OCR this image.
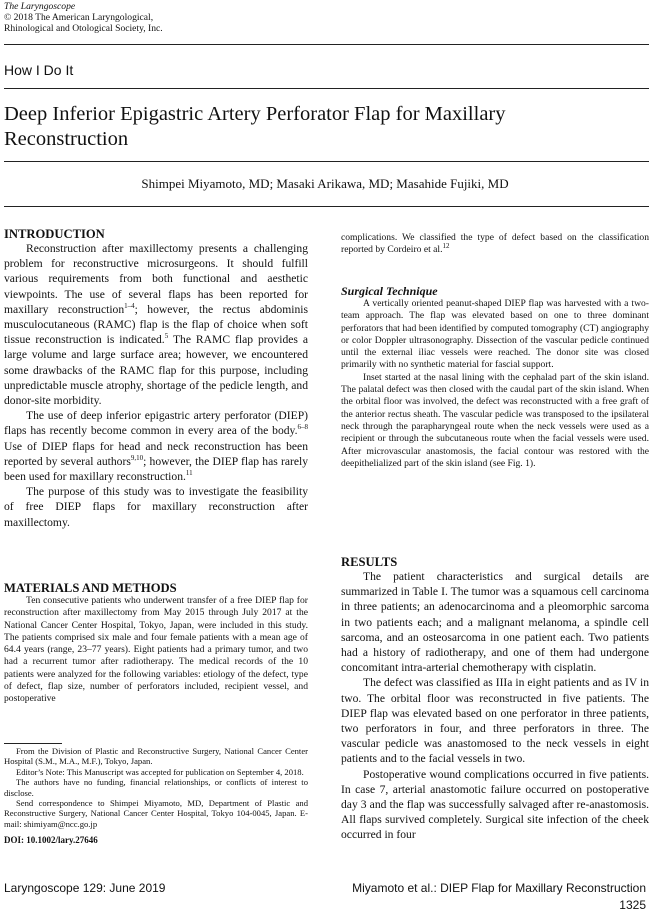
The Laryngoscope
© 2018 The American Laryngological,
Rhinological and Otological Society, Inc.
How I Do It
Deep Inferior Epigastric Artery Perforator Flap for Maxillary Reconstruction
Shimpei Miyamoto, MD; Masaki Arikawa, MD; Masahide Fujiki, MD
INTRODUCTION

Reconstruction after maxillectomy presents a challenging problem for reconstructive microsurgeons. It should fulfill various requirements from both functional and aesthetic viewpoints. The use of several flaps has been reported for maxillary reconstruction$^{1-4}$; however, the rectus abdominis musculocutaneous (RAMC) flap is the flap of choice when soft tissue reconstruction is indicated.$^5$ The RAMC flap provides a large volume and large surface area; however, we encountered some drawbacks of the RAMC flap for this purpose, including unpredictable muscle atrophy, shortage of the pedicle length, and donor-site morbidity.

The use of deep inferior epigastric artery perforator (DIEP) flaps has recently become common in every area of the body.$^{6-8}$ Use of DIEP flaps for head and neck reconstruction has been reported by several authors$^{9,10}$; however, the DIEP flap has rarely been used for maxillary reconstruction.$^{11}$

The purpose of this study was to investigate the feasibility of free DIEP flaps for maxillary reconstruction after maxillectomy.

MATERIALS AND METHODS

Ten consecutive patients who underwent transfer of a free DIEP flap for reconstruction after maxillectomy from May 2015 through July 2017 at the National Cancer Center Hospital, Tokyo, Japan, were included in this study. The patients comprised six male and four female patients with a mean age of 64.4 years (range, 23–77 years). Eight patients had a primary tumor, and two had a recurrent tumor after radiotherapy. The medical records of the 10 patients were analyzed for the following variables: etiology of the defect, type of defect, flap size, number of perforators included, recipient vessel, and postoperative

From the Division of Plastic and Reconstructive Surgery, National Cancer Center Hospital (S.M., M.A., M.F.), Tokyo, Japan.

Editor’s Note: This Manuscript was accepted for publication on September 4, 2018.

The authors have no funding, financial relationships, or conflicts of interest to disclose.

Send correspondence to Shimpei Miyamoto, MD, Department of Plastic and Reconstructive Surgery, National Cancer Center Hospital, Tokyo 104-0045, Japan. E-mail: shimiyam@ncc.go.jp

DOI: 10.1002/lary.27646

complications. We classified the type of defect based on the classification reported by Cordeiro et al.$^{12}$

Surgical Technique

A vertically oriented peanut-shaped DIEP flap was harvested with a two-team approach. The flap was elevated based on one to three dominant perforators that had been identified by computed tomography (CT) angiography or color Doppler ultrasonography. Dissection of the vascular pedicle continued until the external iliac vessels were reached. The donor site was closed primarily with no synthetic material for fascial support.

Inset started at the nasal lining with the cephalad part of the skin island. The palatal defect was then closed with the caudal part of the skin island. When the orbital floor was involved, the defect was reconstructed with a free graft of the anterior rectus sheath. The vascular pedicle was transposed to the ipsilateral neck through the parapharyngeal route when the neck vessels were used as a recipient or through the subcutaneous route when the facial vessels were used. After microvascular anastomosis, the facial contour was restored with the deepithelialized part of the skin island (see Fig. 1).

RESULTS

The patient characteristics and surgical details are summarized in Table I. The tumor was a squamous cell carcinoma in three patients; an adenocarcinoma and a pleomorphic sarcoma in two patients each; and a malignant melanoma, a spindle cell sarcoma, and an osteosarcoma in one patient each. Two patients had a history of radiotherapy, and one of them had undergone concomitant intra-arterial chemotherapy with cisplatin.

The defect was classified as IIIa in eight patients and as IV in two. The orbital floor was reconstructed in five patients. The DIEP flap was elevated based on one perforator in three patients, two perforators in four, and three perforators in three. The vascular pedicle was anastomosed to the neck vessels in eight patients and to the facial vessels in two.

Postoperative wound complications occurred in five patients. In case 7, arterial anastomotic failure occurred on postoperative day 3 and the flap was successfully salvaged after re-anastomosis. All flaps survived completely. Surgical site infection of the cheek occurred in four

Laryngoscope 129: June 2019	Miyamoto et al.: DIEP Flap for Maxillary Reconstruction
1325
